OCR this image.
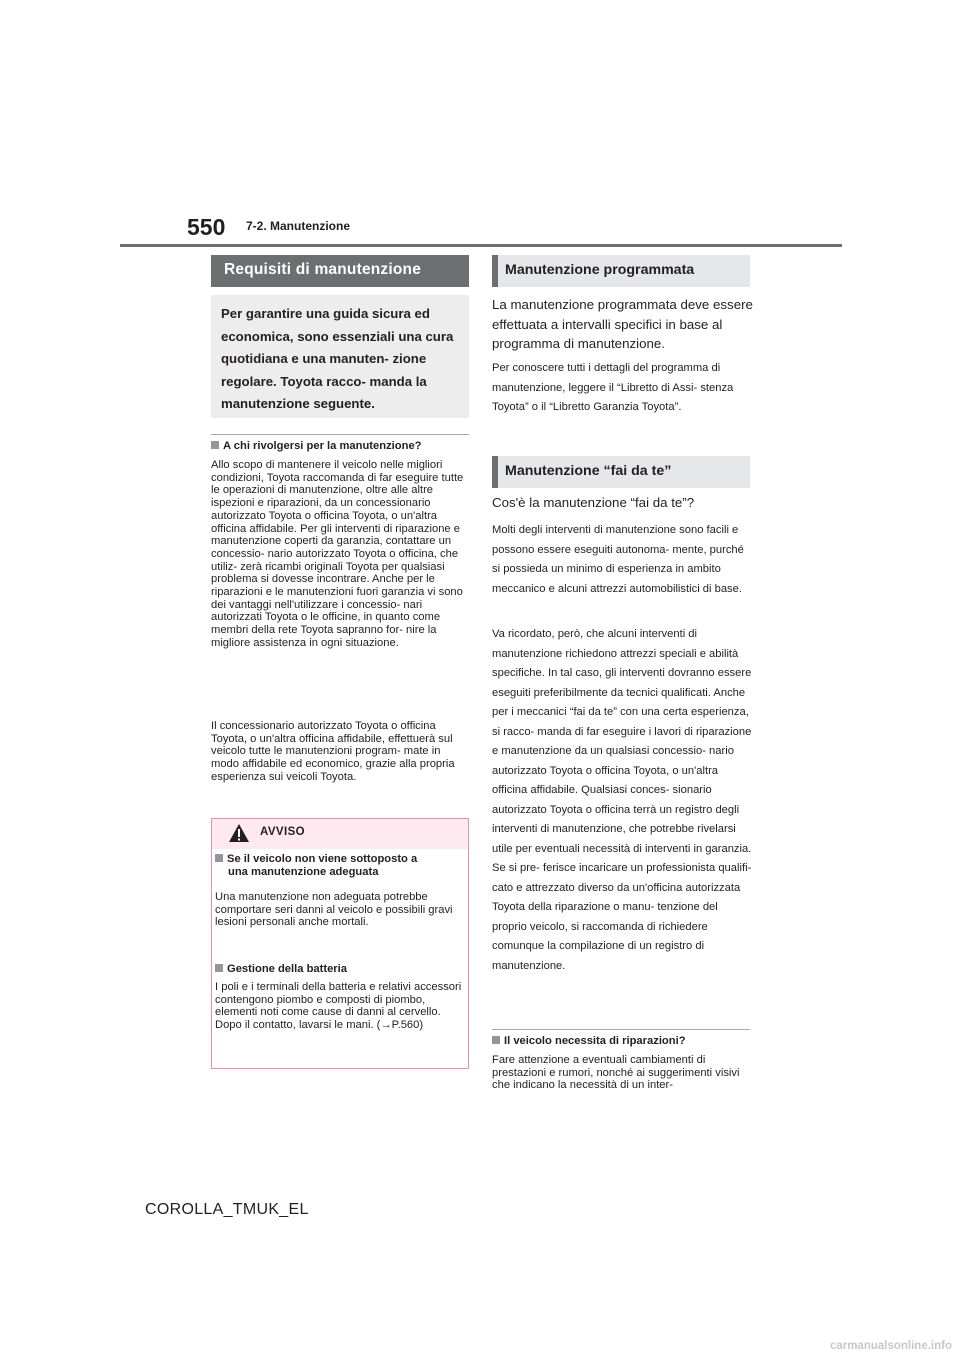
550 7-2. Manutenzione
Requisiti di manutenzione

Per garantire una guida sicura ed economica, sono essenziali una cura quotidiana e una manuten- zione regolare. Toyota racco- manda la manutenzione seguente.

A chi rivolgersi per la manutenzione?

Allo scopo di mantenere il veicolo nelle migliori condizioni, Toyota raccomanda di far eseguire tutte le operazioni di manutenzione, oltre alle altre ispezioni e riparazioni, da un concessionario autorizzato Toyota o officina Toyota, o un'altra officina affidabile. Per gli interventi di riparazione e manutenzione coperti da garanzia, contattare un concessio- nario autorizzato Toyota o officina, che utiliz- zerà ricambi originali Toyota per qualsiasi problema si dovesse incontrare. Anche per le riparazioni e le manutenzioni fuori garanzia vi sono dei vantaggi nell'utilizzare i concessio- nari autorizzati Toyota o le officine, in quanto come membri della rete Toyota sapranno for- nire la migliore assistenza in ogni situazione.

Il concessionario autorizzato Toyota o officina Toyota, o un'altra officina affidabile, effettuerà sul veicolo tutte le manutenzioni program- mate in modo affidabile ed economico, grazie alla propria esperienza sui veicoli Toyota.

AVVISO
Se il veicolo non viene sottoposto a
una manutenzione adeguata

Una manutenzione non adeguata potrebbe comportare seri danni al veicolo e possibili gravi lesioni personali anche mortali.

Gestione della batteria

I poli e i terminali della batteria e relativi accessori contengono piombo e composti di piombo, elementi noti come cause di danni al cervello. Dopo il contatto, lavarsi le mani. (→P.560)

Manutenzione programmata

La manutenzione programmata deve essere effettuata a intervalli specifici in base al programma di manutenzione.

Per conoscere tutti i dettagli del programma di manutenzione, leggere il “Libretto di Assi- stenza Toyota” o il “Libretto Garanzia Toyota”.

Manutenzione “fai da te”

Cos'è la manutenzione “fai da te”?

Molti degli interventi di manutenzione sono facili e possono essere eseguiti autonoma- mente, purché si possieda un minimo di esperienza in ambito meccanico e alcuni attrezzi automobilistici di base.

Va ricordato, però, che alcuni interventi di manutenzione richiedono attrezzi speciali e abilità specifiche. In tal caso, gli interventi dovranno essere eseguiti preferibilmente da tecnici qualificati. Anche per i meccanici “fai da te” con una certa esperienza, si racco- manda di far eseguire i lavori di riparazione e manutenzione da un qualsiasi concessio- nario autorizzato Toyota o officina Toyota, o un'altra officina affidabile. Qualsiasi conces- sionario autorizzato Toyota o officina terrà un registro degli interventi di manutenzione, che potrebbe rivelarsi utile per eventuali necessità di interventi in garanzia. Se si pre- ferisce incaricare un professionista qualifi- cato e attrezzato diverso da un'officina autorizzata Toyota della riparazione o manu- tenzione del proprio veicolo, si raccomanda di richiedere comunque la compilazione di un registro di manutenzione.

Il veicolo necessita di riparazioni?

Fare attenzione a eventuali cambiamenti di prestazioni e rumori, nonché ai suggerimenti visivi che indicano la necessità di un inter-

COROLLA_TMUK_EL
carmanualsonline.info
